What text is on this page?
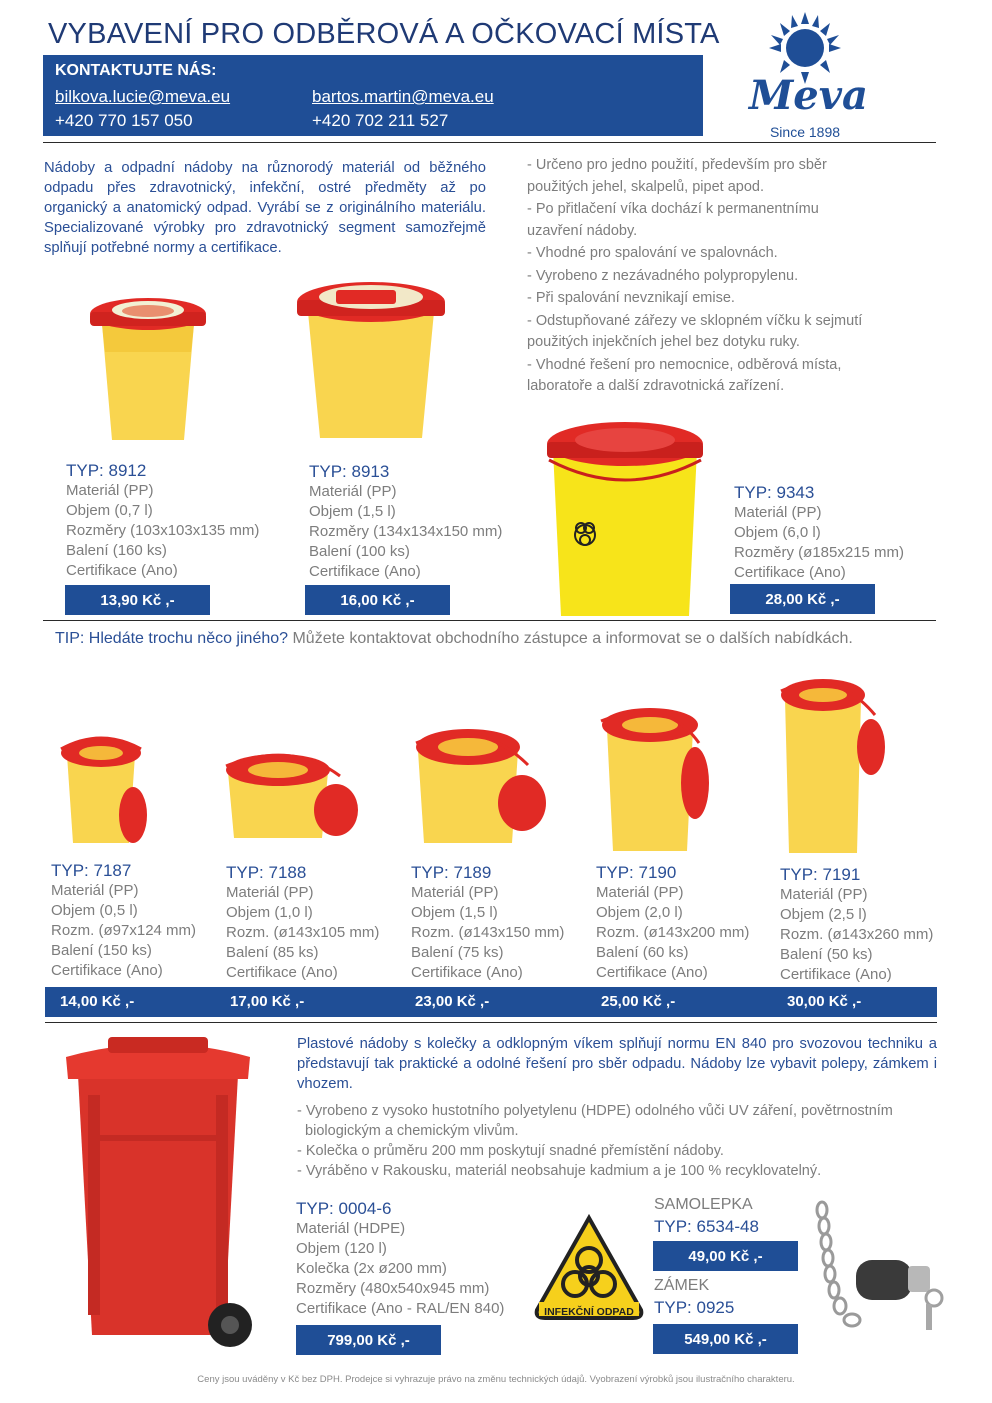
VYBAVENÍ PRO ODBĚROVÁ A OČKOVACÍ MÍSTA
KONTAKTUJTE NÁS:
bilkova.lucie@meva.eu
+420 770 157 050
bartos.martin@meva.eu
+420 702 211 527
Meva
Since 1898
Nádoby a odpadní nádoby na různorodý materiál od běžného odpadu přes zdravotnický, infekční, ostré předměty až po organický a anatomický odpad. Vyrábí se z originálního materiálu. Specializované výrobky pro zdravotnický segment samozřejmě splňují potřebné normy a certifikace.
- Určeno pro jedno použití, především pro sběr
použitých jehel, skalpelů, pipet apod.
- Po přitlačení víka dochází k permanentnímu
uzavření nádoby.
- Vhodné pro spalování ve spalovnách.
- Vyrobeno z nezávadného polypropylenu.
- Při spalování nevznikají emise.
- Odstupňované zářezy ve sklopném víčku k sejmutí
použitých injekčních jehel bez dotyku ruky.
- Vhodné řešení pro nemocnice, odběrová místa,
laboratoře a další zdravotnická zařízení.
TYP: 8912
Materiál (PP)
Objem (0,7 l)
Rozměry (103x103x135 mm)
Balení (160 ks)
Certifikace (Ano)
TYP: 8913
Materiál (PP)
Objem (1,5 l)
Rozměry (134x134x150 mm)
Balení (100 ks)
Certifikace (Ano)
TYP: 9343
Materiál (PP)
Objem (6,0 l)
Rozměry (ø185x215 mm)
Certifikace (Ano)
13,90 Kč ,-	16,00 Kč ,-	28,00 Kč ,-
TIP: Hledáte trochu něco jiného? Můžete kontaktovat obchodního zástupce a informovat se o dalších nabídkách.
TYP: 7187
Materiál (PP)
Objem (0,5 l)
Rozm. (ø97x124 mm)
Balení (150 ks)
Certifikace (Ano)
TYP: 7188
Materiál (PP)
Objem (1,0 l)
Rozm. (ø143x105 mm)
Balení (85 ks)
Certifikace (Ano)
TYP: 7189
Materiál (PP)
Objem (1,5 l)
Rozm. (ø143x150 mm)
Balení (75 ks)
Certifikace (Ano)
TYP: 7190
Materiál (PP)
Objem (2,0 l)
Rozm. (ø143x200 mm)
Balení (60 ks)
Certifikace (Ano)
TYP: 7191
Materiál (PP)
Objem (2,5 l)
Rozm. (ø143x260 mm)
Balení (50 ks)
Certifikace (Ano)
14,00 Kč ,-	17,00 Kč ,-	23,00 Kč ,-	25,00 Kč ,-	30,00 Kč ,-
Plastové nádoby s kolečky a odklopným víkem splňují normu EN 840 pro svozovou techniku a představují tak praktické a odolné řešení pro sběr odpadu. Nádoby lze vybavit polepy, zámkem i vhozem.
- Vyrobeno z vysoko hustotního polyetylenu (HDPE) odolného vůči UV záření, povětrnostním
biologickým a chemickým vlivům.
- Kolečka o průměru 200 mm poskytují snadné přemístění nádoby.
- Vyráběno v Rakousku, materiál neobsahuje kadmium a je 100 % recyklovatelný.
TYP: 0004-6
Materiál (HDPE)
Objem (120 l)
Kolečka (2x ø200 mm)
Rozměry (480x540x945 mm)
Certifikace (Ano - RAL/EN 840)
799,00 Kč ,-
INFEKČNÍ ODPAD
SAMOLEPKA
TYP: 6534-48
49,00 Kč ,-
ZÁMEK
TYP: 0925
549,00 Kč ,-
Ceny jsou uváděny v Kč bez DPH. Prodejce si vyhrazuje právo na změnu technických údajů. Vyobrazení výrobků jsou ilustračního charakteru.
